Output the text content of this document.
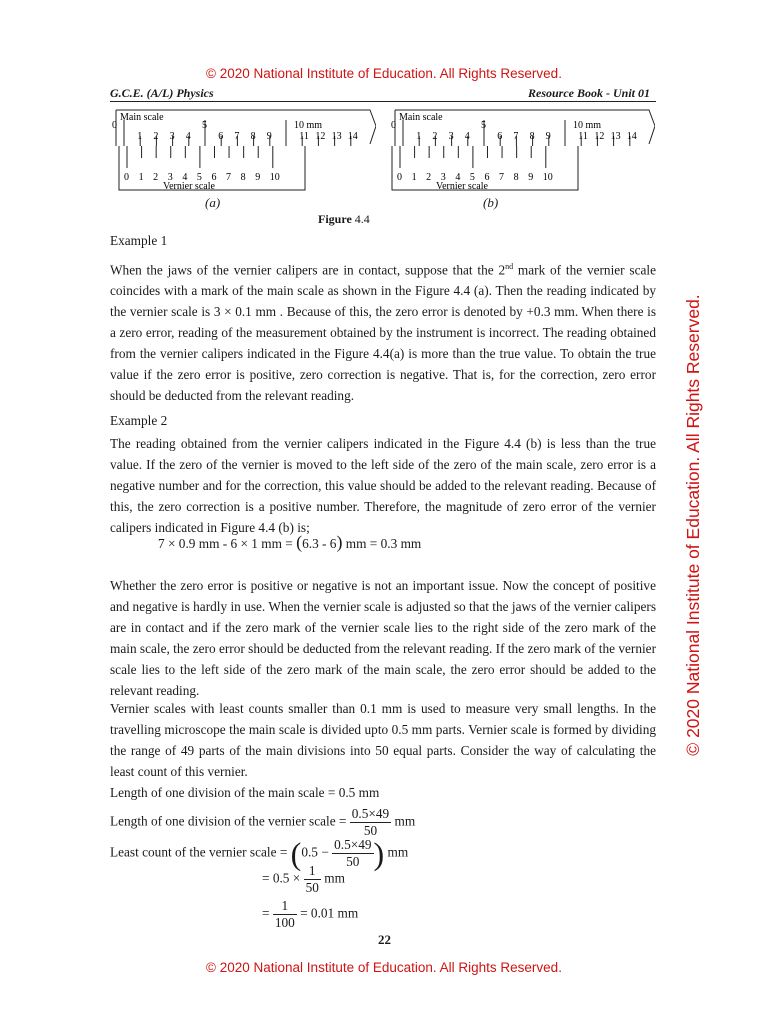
© 2020 National Institute of Education. All Rights Reserved.
G.C.E. (A/L) Physics	Resource Book - Unit 01
Main scale
10 mm
0
1 2 3 4
5
6 7 8 9	11 12 13 14
0 1 2 3 4 5 6 7 8 9 10
Vernier scale
Main scale
10 mm
0
1 2 3 4
5
6 7 8 9	11 12 13 14
0 1 2 3 4 5 6 7 8 9 10
Vernier scale
(a)	(b)
Figure 4.4
Example 1

When the jaws of the vernier calipers are in contact, suppose that the 2nd mark of the vernier scale coincides with a mark of the main scale as shown in the Figure 4.4 (a). Then the reading indicated by the vernier scale is 3 × 0.1 mm . Because of this, the zero error is denoted by +0.3 mm. When there is a zero error, reading of the measurement obtained by the instrument is incorrect. The reading obtained from the vernier calipers indicated in the Figure 4.4(a) is more than the true value. To obtain the true value if the zero error is positive, zero correction is negative. That is, for the correction, zero error should be deducted from the relevant reading.

Example 2

The reading obtained from the vernier calipers indicated in the Figure 4.4 (b) is less than the true value. If the zero of the vernier is moved to the left side of the zero of the main scale, zero error is a negative number and for the correction, this value should be added to the relevant reading. Because of this, the zero correction is a positive number. Therefore, the magnitude of zero error of the vernier calipers indicated in Figure 4.4 (b) is;

7 × 0.9 mm - 6 × 1 mm = (6.3 - 6) mm = 0.3 mm

Whether the zero error is positive or negative is not an important issue. Now the concept of positive and negative is hardly in use. When the vernier scale is adjusted so that the jaws of the vernier calipers are in contact and if the zero mark of the vernier scale lies to the right side of the zero mark of the main scale, the zero error should be deducted from the relevant reading. If the zero mark of the vernier scale lies to the left side of the zero mark of the main scale, the zero error should be added to the relevant reading.

Vernier scales with least counts smaller than 0.1 mm is used to measure very small lengths. In the travelling microscope the main scale is divided upto 0.5 mm parts. Vernier scale is formed by dividing the range of 49 parts of the main divisions into 50 equal parts. Consider the way of calculating the least count of this vernier.

Length of one division of the main scale = 0.5 mm
Length of one division of the vernier scale = $\frac{0.5\times 49}{50}$ mm
Least count of the vernier scale = ($0.5 - \frac{0.5\times 49}{50}$ ) mm
= $0.5 \times \frac{1}{50}$ mm
= $\frac{1}{100} = 0.01$ mm
22
© 2020 National Institute of Education. All Rights Reserved.
© 2020 National Institute of Education. All Rights Reserved.
